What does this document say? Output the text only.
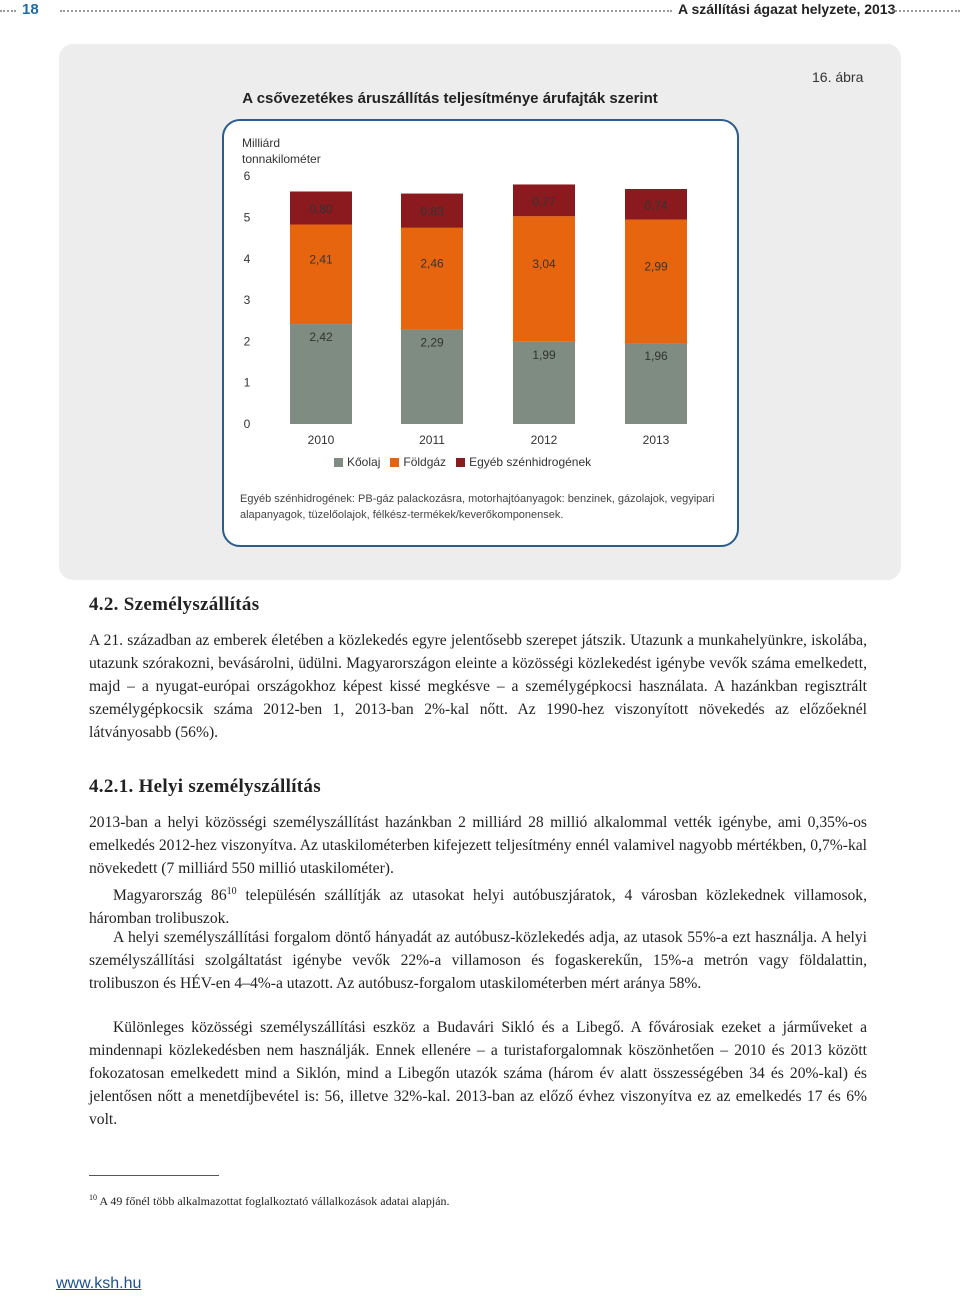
18	A szállítási ágazat helyzete, 2013
16. ábra
A csővezetékes áruszállítás teljesítménye árufajták szerint
Milliárd
tonnakilométer
0
1
2
3
4
5
6
2,42
2,41
0,80
2010
2,29
2,46
0,83
2011
1,99
3,04
0,77
2012
1,96
2,99
0,74
2013
Kőolaj Földgáz Egyéb szénhidrogének
Egyéb szénhidrogének: PB-gáz palackozásra, motorhajtóanyagok: benzinek, gázolajok, vegyipari alapanyagok, tüzelőolajok, félkész-termékek/keverőkomponensek.
4.2. Személyszállítás

A 21. században az emberek életében a közlekedés egyre jelentősebb szerepet játszik. Utazunk a munkahelyünkre, iskolába, utazunk szórakozni, bevásárolni, üdülni. Magyarországon eleinte a közösségi közlekedést igénybe vevők száma emelkedett, majd – a nyugat-európai országokhoz képest kissé megkésve – a személygépkocsi használata. A hazánkban regisztrált személygépkocsik száma 2012-ben 1, 2013-ban 2%-kal nőtt. Az 1990-hez viszonyított növekedés az előzőeknél látványosabb (56%).

4.2.1. Helyi személyszállítás

2013-ban a helyi közösségi személyszállítást hazánkban 2 milliárd 28 millió alkalommal vették igénybe, ami 0,35%-os emelkedés 2012-hez viszonyítva. Az utaskilométerben kifejezett teljesítmény ennél valamivel nagyobb mértékben, 0,7%-kal növekedett (7 milliárd 550 millió utaskilométer).

Magyarország $86^{10}$ településén szállítják az utasokat helyi autóbuszjáratok, 4 városban közlekednek villamosok, háromban trolibuszok.

A helyi személyszállítási forgalom döntő hányadát az autóbusz-közlekedés adja, az utasok 55%-a ezt használja. A helyi személyszállítási szolgáltatást igénybe vevők 22%-a villamoson és fogaskerekűn, 15%-a metrón vagy földalattin, trolibuszon és HÉV-en 4–4%-a utazott. Az autóbusz-forgalom utaskilométerben mért aránya 58%.

Különleges közösségi személyszállítási eszköz a Budavári Sikló és a Libegő. A fővárosiak ezeket a járműveket a mindennapi közlekedésben nem használják. Ennek ellenére – a turistaforgalomnak köszönhetően – 2010 és 2013 között fokozatosan emelkedett mind a Siklón, mind a Libegőn utazók száma (három év alatt összességében 34 és 20%-kal) és jelentősen nőtt a menetdíjbevétel is: 56, illetve 32%-kal. 2013-ban az előző évhez viszonyítva ez az emelkedés 17 és 6% volt.

$^{10}$ A 49 főnél több alkalmazottat foglalkoztató vállalkozások adatai alapján.
www.ksh.hu
